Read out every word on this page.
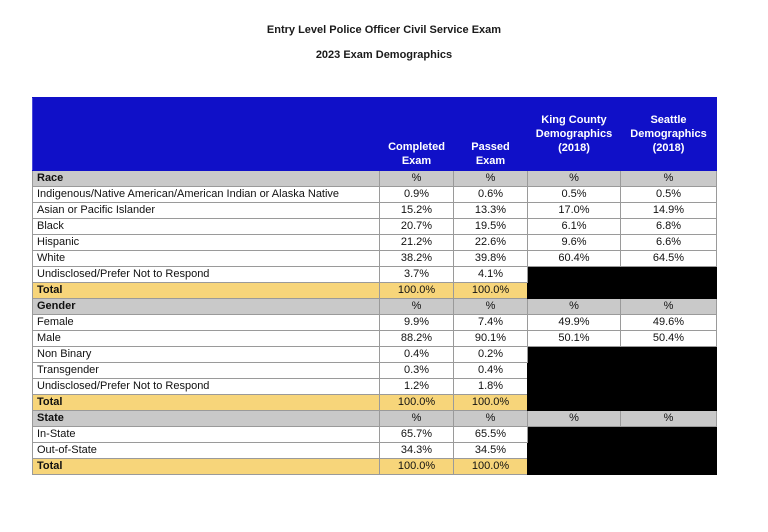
Entry Level Police Officer Civil Service Exam
2023 Exam Demographics
	Completed Exam	Passed Exam	King County Demographics (2018)	Seattle Demographics (2018)
Race	%	%	%	%
Indigenous/Native American/American Indian or Alaska Native	0.9%	0.6%	0.5%	0.5%
Asian or Pacific Islander	15.2%	13.3%	17.0%	14.9%
Black	20.7%	19.5%	6.1%	6.8%
Hispanic	21.2%	22.6%	9.6%	6.6%
White	38.2%	39.8%	60.4%	64.5%
Undisclosed/Prefer Not to Respond	3.7%	4.1%		
Total	100.0%	100.0%		
Gender	%	%	%	%
Female	9.9%	7.4%	49.9%	49.6%
Male	88.2%	90.1%	50.1%	50.4%
Non Binary	0.4%	0.2%		
Transgender	0.3%	0.4%		
Undisclosed/Prefer Not to Respond	1.2%	1.8%		
Total	100.0%	100.0%		
State	%	%	%	%
In-State	65.7%	65.5%		
Out-of-State	34.3%	34.5%		
Total	100.0%	100.0%		
